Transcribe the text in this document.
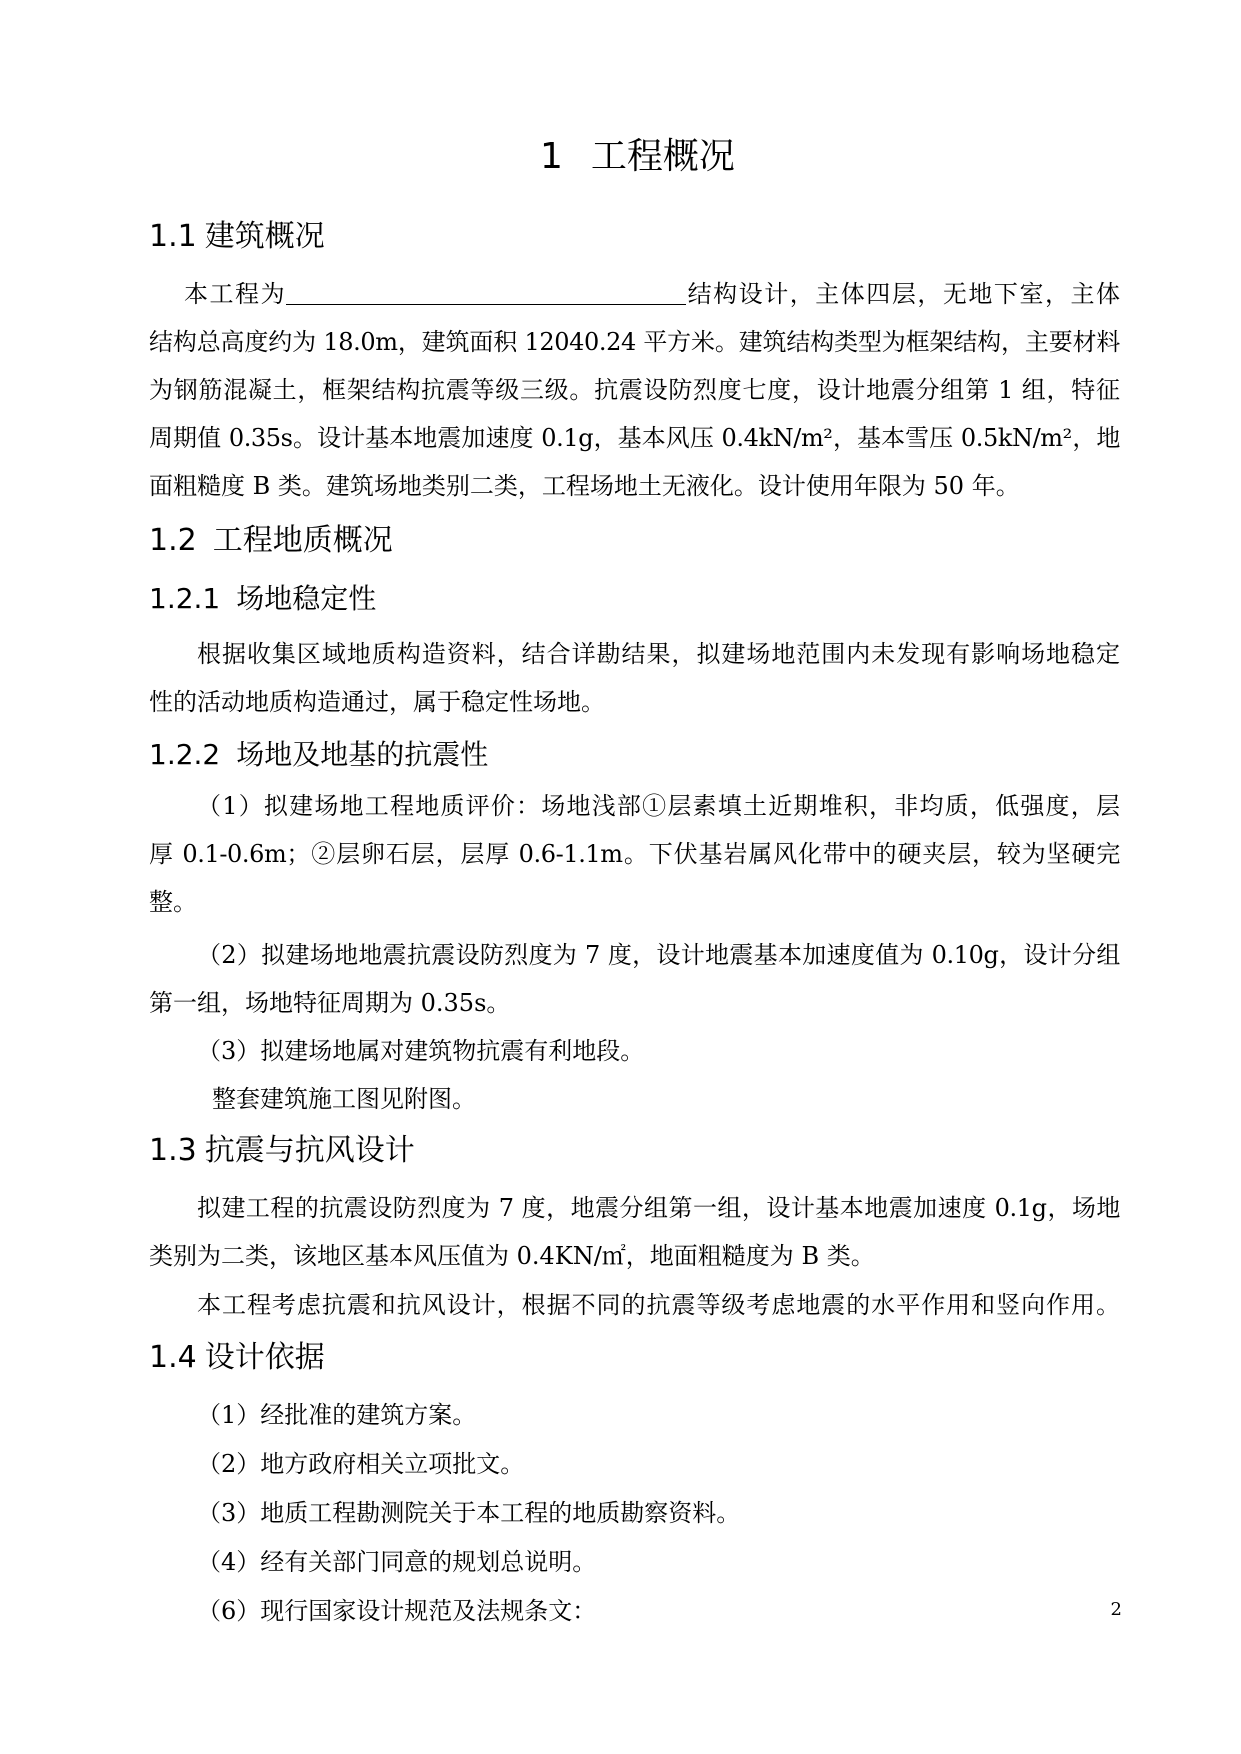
1 工程概况
1.1 建筑概况
本工程为	结构设计，主体四层，无地下室，主体
结构总高度约为 18.0m，建筑面积 12040.24 平方米。建筑结构类型为框架结构，主要材料
为钢筋混凝土，框架结构抗震等级三级。抗震设防烈度七度，设计地震分组第 1 组，特征
周期值 0.35s。设计基本地震加速度 0.1g，基本风压 0.4kN/m²，基本雪压 0.5kN/m²，地
面粗糙度 B 类。建筑场地类别二类，工程场地土无液化。设计使用年限为 50 年。
1.2 工程地质概况
1.2.1 场地稳定性
根据收集区域地质构造资料，结合详勘结果，拟建场地范围内未发现有影响场地稳定
性的活动地质构造通过，属于稳定性场地。
1.2.2 场地及地基的抗震性
（1）拟建场地工程地质评价：场地浅部①层素填土近期堆积，非均质，低强度，层
厚 0.1-0.6m；②层卵石层，层厚 0.6-1.1m。下伏基岩属风化带中的硬夹层，较为坚硬完
整。
（2）拟建场地地震抗震设防烈度为 7 度，设计地震基本加速度值为 0.10g，设计分组
第一组，场地特征周期为 0.35s。
（3）拟建场地属对建筑物抗震有利地段。
整套建筑施工图见附图。
1.3 抗震与抗风设计
拟建工程的抗震设防烈度为 7 度，地震分组第一组，设计基本地震加速度 0.1g，场地
类别为二类，该地区基本风压值为 0.4KN/㎡，地面粗糙度为 B 类。
本工程考虑抗震和抗风设计，根据不同的抗震等级考虑地震的水平作用和竖向作用。
1.4 设计依据
（1）经批准的建筑方案。
（2）地方政府相关立项批文。
（3）地质工程勘测院关于本工程的地质勘察资料。
（4）经有关部门同意的规划总说明。
（6）现行国家设计规范及法规条文：	2
